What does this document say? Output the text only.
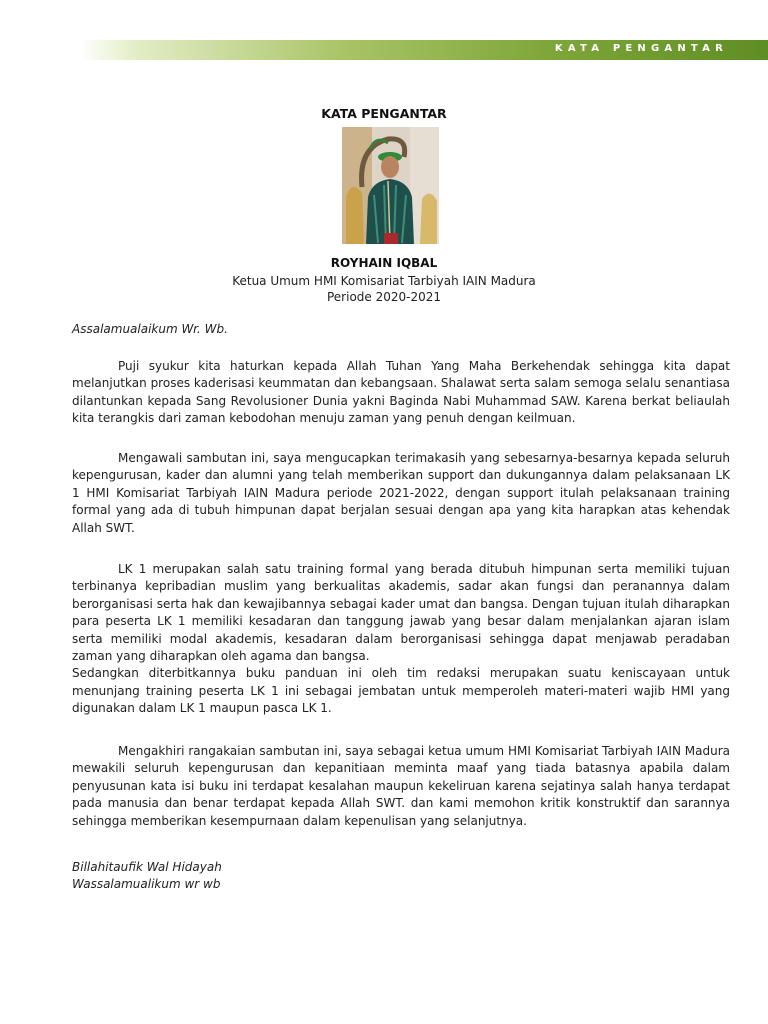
KATA PENGANTAR
KATA PENGANTAR
ROYHAIN IQBAL
Ketua Umum HMI Komisariat Tarbiyah IAIN Madura
Periode 2020-2021
Assalamualaikum Wr. Wb.

Puji syukur kita haturkan kepada Allah Tuhan Yang Maha Berkehendak sehingga kita dapat melanjutkan proses kaderisasi keummatan dan kebangsaan. Shalawat serta salam semoga selalu senantiasa dilantunkan kepada Sang Revolusioner Dunia yakni Baginda Nabi Muhammad SAW. Karena berkat beliaulah kita terangkis dari zaman kebodohan menuju zaman yang penuh dengan keilmuan.

Mengawali sambutan ini, saya mengucapkan terimakasih yang sebesarnya-besarnya kepada seluruh kepengurusan, kader dan alumni yang telah memberikan support dan dukungannya dalam pelaksanaan LK 1 HMI Komisariat Tarbiyah IAIN Madura periode 2021-2022, dengan support itulah pelaksanaan training formal yang ada di tubuh himpunan dapat berjalan sesuai dengan apa yang kita harapkan atas kehendak Allah SWT.

LK 1 merupakan salah satu training formal yang berada ditubuh himpunan serta memiliki tujuan terbinanya kepribadian muslim yang berkualitas akademis, sadar akan fungsi dan peranannya dalam berorganisasi serta hak dan kewajibannya sebagai kader umat dan bangsa. Dengan tujuan itulah diharapkan para peserta LK 1 memiliki kesadaran dan tanggung jawab yang besar dalam menjalankan ajaran islam serta memiliki modal akademis, kesadaran dalam berorganisasi sehingga dapat menjawab peradaban zaman yang diharapkan oleh agama dan bangsa.

Sedangkan diterbitkannya buku panduan ini oleh tim redaksi merupakan suatu keniscayaan untuk menunjang training peserta LK 1 ini sebagai jembatan untuk memperoleh materi-materi wajib HMI yang digunakan dalam LK 1 maupun pasca LK 1.

Mengakhiri rangakaian sambutan ini, saya sebagai ketua umum HMI Komisariat Tarbiyah IAIN Madura mewakili seluruh kepengurusan dan kepanitiaan meminta maaf yang tiada batasnya apabila dalam penyusunan kata isi buku ini terdapat kesalahan maupun kekeliruan karena sejatinya salah hanya terdapat pada manusia dan benar terdapat kepada Allah SWT. dan kami memohon kritik konstruktif dan sarannya sehingga memberikan kesempurnaan dalam kepenulisan yang selanjutnya.

Billahitaufik Wal Hidayah
Wassalamualikum wr wb
